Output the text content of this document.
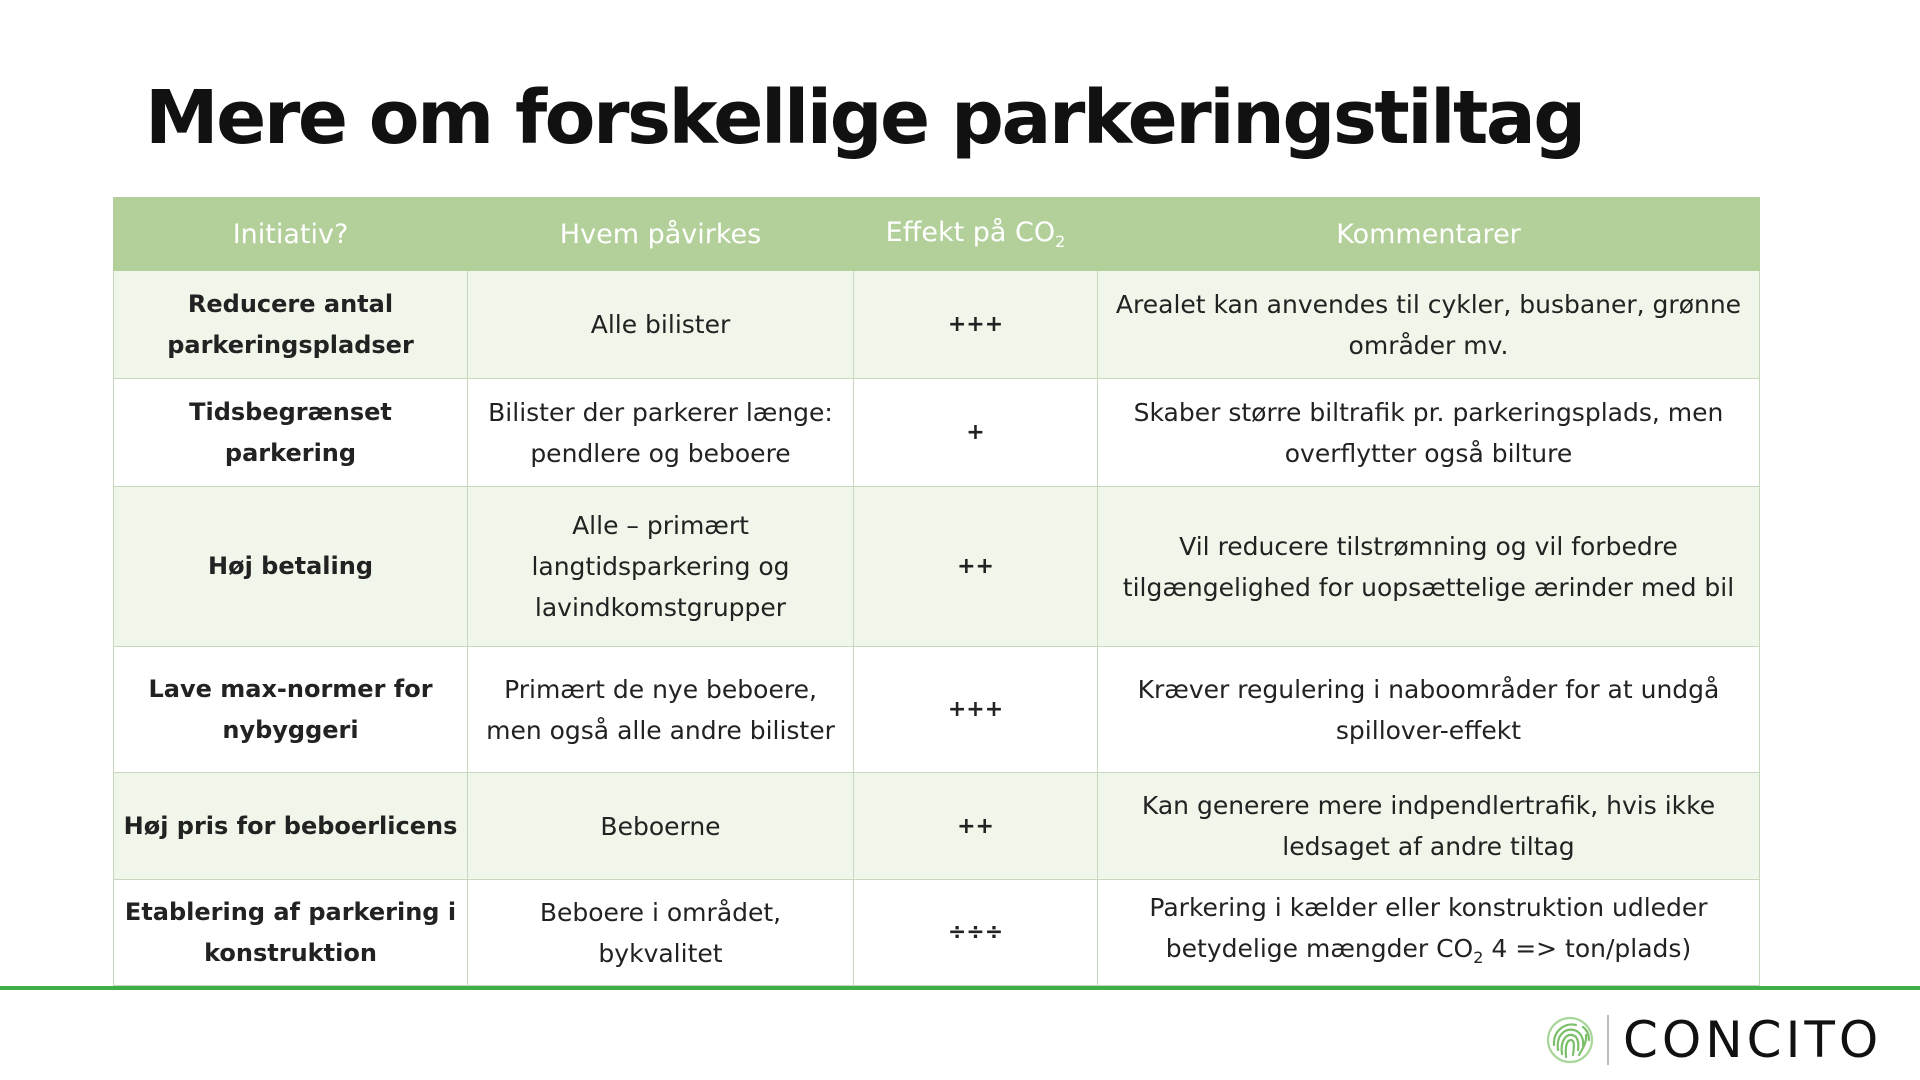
Mere om forskellige parkeringstiltag
Initiativ?	Hvem påvirkes	Effekt på $CO_2$	Kommentarer
Reducere antal parkeringspladser	Alle bilister	+++	Arealet kan anvendes til cykler, busbaner, grønne områder mv.
Tidsbegrænset parkering	Bilister der parkerer længe: pendlere og beboere	+	Skaber større biltrafik pr. parkeringsplads, men overflytter også bilture
Høj betaling	Alle – primært langtidsparkering og lavindkomstgrupper	++	Vil reducere tilstrømning og vil forbedre tilgængelighed for uopsættelige ærinder med bil
Lave max-normer for nybyggeri	Primært de nye beboere, men også alle andre bilister	+++	Kræver regulering i naboområder for at undgå spillover-effekt
Høj pris for beboerlicens	Beboerne	++	Kan generere mere indpendlertrafik, hvis ikke ledsaget af andre tiltag
Etablering af parkering i konstruktion	Beboere i området, bykvalitet	÷÷÷	Parkering i kælder eller konstruktion udleder betydelige mængder $CO_2$ 4 => ton/plads)
CONCITO
